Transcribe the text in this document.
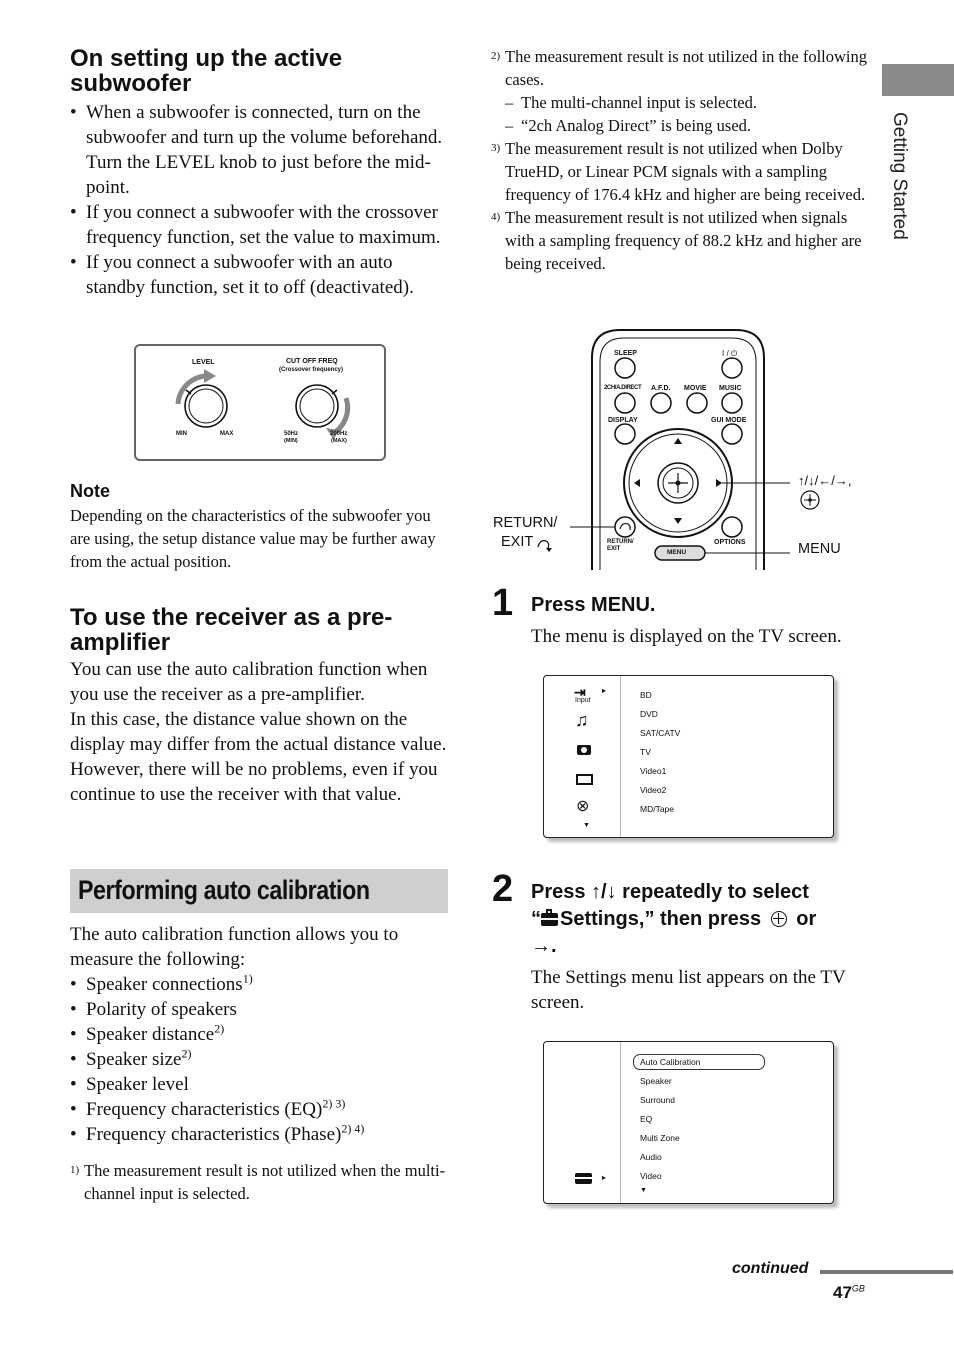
Getting Started
On setting up the active
subwoofer
• When a subwoofer is connected, turn on the subwoofer and turn up the volume beforehand. Turn the LEVEL knob to just before the mid-point.
• If you connect a subwoofer with the crossover frequency function, set the value to maximum.
• If you connect a subwoofer with an auto standby function, set it to off (deactivated).
LEVEL
MIN	MAX
CUT OFF FREQ
(Crossover frequency)
50Hz
(MIN)
200Hz
(MAX)
Note
Depending on the characteristics of the subwoofer you are using, the setup distance value may be further away from the actual position.
To use the receiver as a pre-
amplifier
You can use the auto calibration function when you use the receiver as a pre-amplifier.
In this case, the distance value shown on the display may differ from the actual distance value. However, there will be no problems, even if you continue to use the receiver with that value.
Performing auto calibration
The auto calibration function allows you to measure the following:
• Speaker connections$^{1)}$
• Polarity of speakers
• Speaker distance$^{2)}$
• Speaker size$^{2)}$
• Speaker level
• Frequency characteristics (EQ)$^{2) 3)}$
• Frequency characteristics (Phase)$^{2) 4)}$
1) The measurement result is not utilized when the multi-channel input is selected.
2) The measurement result is not utilized in the following cases.
– The multi-channel input is selected.
– “2ch Analog Direct” is being used.
3) The measurement result is not utilized when Dolby TrueHD, or Linear PCM signals with a sampling frequency of 176.4 kHz and higher are being received.
4) The measurement result is not utilized when signals with a sampling frequency of 88.2 kHz and higher are being received.
SLEEP	I / ⏻
2CH/A.DIRECT A.F.D. MOVIE MUSIC
DISPLAY	GUI MODE
RETURN/
EXIT
OPTIONS
MENU
↑/↓/←/→,
RETURN/
EXIT	MENU
1 Press MENU.
The menu is displayed on the TV screen.
⇥ ▸
Input
♫
⊗
▼
BD
DVD
SAT/CATV
TV
Video1
Video2
MD/Tape
2 Press ↑/↓ repeatedly to select
“ Settings,” then press or
→.
The Settings menu list appears on the TV screen.
▸
Auto Calibration
Speaker
Surround
EQ
Multi Zone
Audio
Video
▼
continued
$47^{GB}$
